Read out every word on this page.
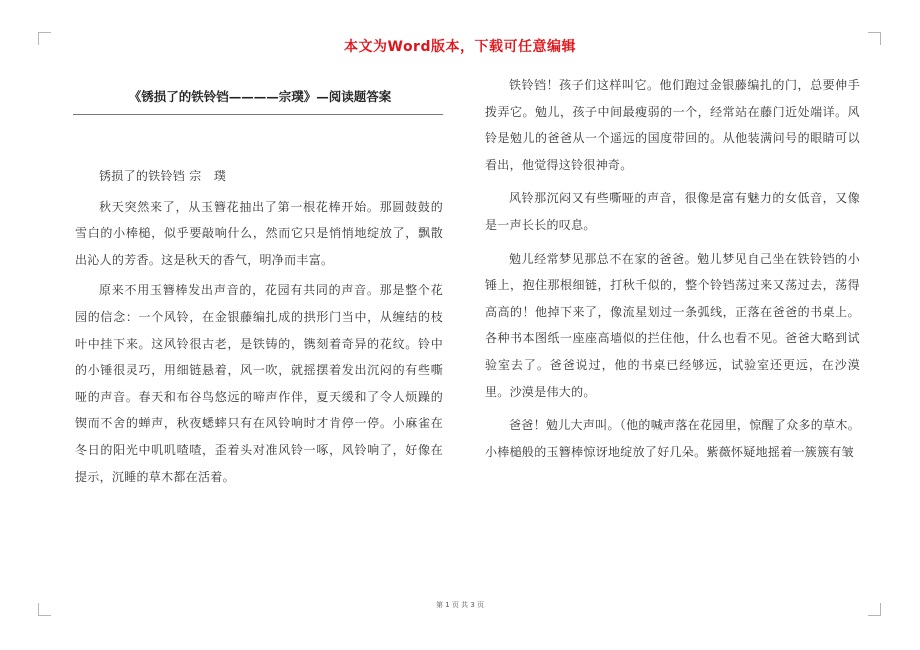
本文为Word版本，下载可任意编辑
《锈损了的铁铃铛————宗璞》—阅读题答案

锈损了的铁铃铛 宗　璞

秋天突然来了，从玉簪花抽出了第一根花棒开始。那圆鼓鼓的雪白的小棒槌，似乎要敲响什么，然而它只是悄悄地绽放了，飘散出沁人的芳香。这是秋天的香气，明净而丰富。

原来不用玉簪棒发出声音的，花园有共同的声音。那是整个花园的信念：一个风铃，在金银藤编扎成的拱形门当中，从缠结的枝叶中挂下来。这风铃很古老，是铁铸的，镌刻着奇异的花纹。铃中的小锤很灵巧，用细链悬着，风一吹，就摇摆着发出沉闷的有些嘶哑的声音。春天和布谷鸟悠远的啼声作伴，夏天缓和了令人烦躁的锲而不舍的蝉声，秋夜蟋蟀只有在风铃响时才肯停一停。小麻雀在冬日的阳光中叽叽喳喳，歪着头对准风铃一啄，风铃响了，好像在提示，沉睡的草木都在活着。

铁铃铛！孩子们这样叫它。他们跑过金银藤编扎的门，总要伸手拨弄它。勉儿，孩子中间最瘦弱的一个，经常站在藤门近处端详。风铃是勉儿的爸爸从一个遥远的国度带回的。从他装满问号的眼睛可以看出，他觉得这铃很神奇。

风铃那沉闷又有些嘶哑的声音，很像是富有魅力的女低音，又像是一声长长的叹息。

勉儿经常梦见那总不在家的爸爸。勉儿梦见自己坐在铁铃铛的小锤上，抱住那根细链，打秋千似的，整个铃铛荡过来又荡过去，荡得高高的！他掉下来了，像流星划过一条弧线，正落在爸爸的书桌上。各种书本图纸一座座高墙似的拦住他，什么也看不见。爸爸大略到试验室去了。爸爸说过，他的书桌已经够远，试验室还更远，在沙漠里。沙漠是伟大的。

爸爸！勉儿大声叫。（他的喊声落在花园里，惊醒了众多的草木。小棒槌般的玉簪棒惊讶地绽放了好几朵。紫薇怀疑地摇着一簇簇有皱

第 1 页 共 3 页
